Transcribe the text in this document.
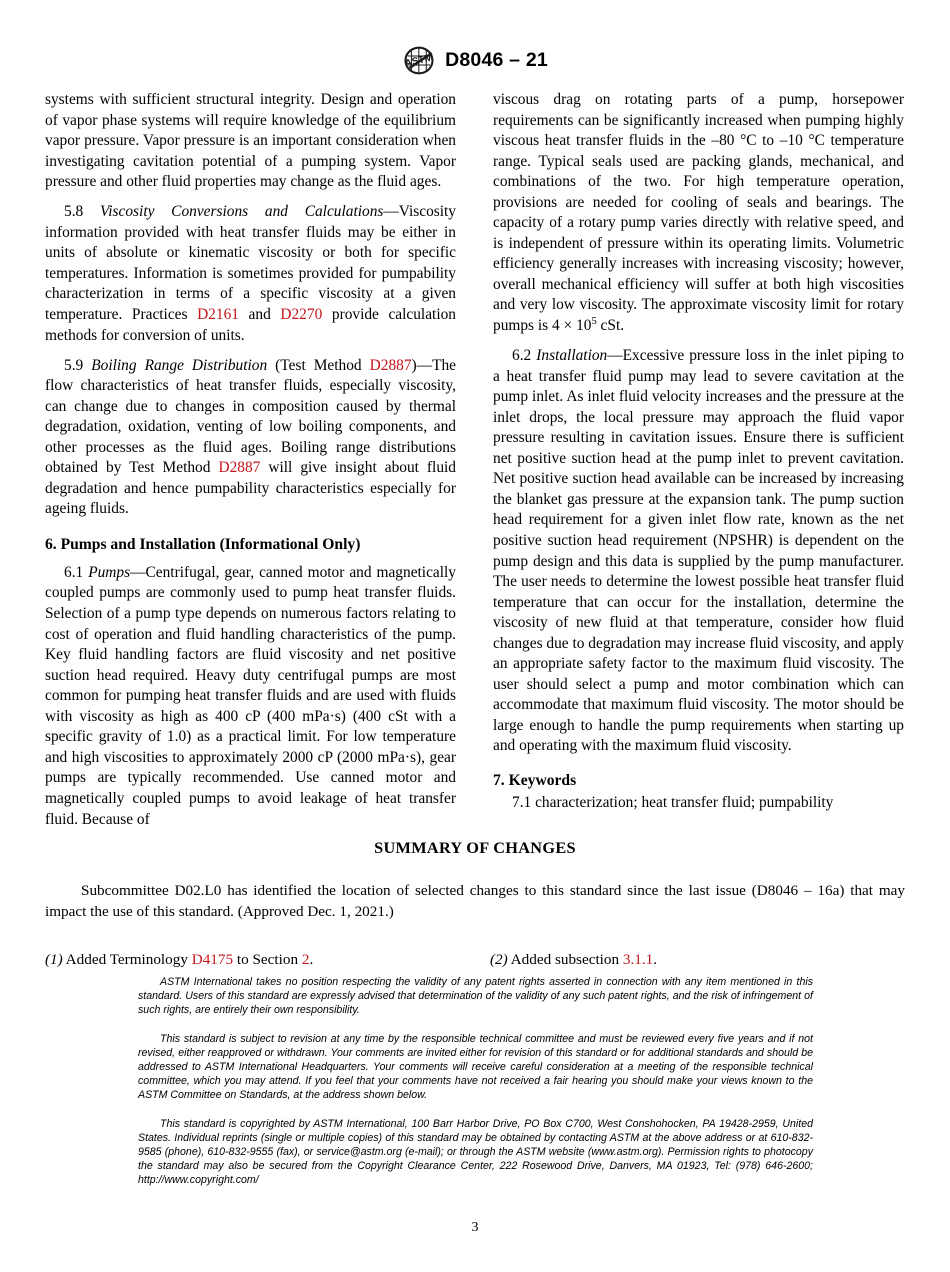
ASTM D8046 – 21

systems with sufficient structural integrity. Design and operation of vapor phase systems will require knowledge of the equilibrium vapor pressure. Vapor pressure is an important consideration when investigating cavitation potential of a pumping system. Vapor pressure and other fluid properties may change as the fluid ages.

5.8 Viscosity Conversions and Calculations—Viscosity information provided with heat transfer fluids may be either in units of absolute or kinematic viscosity or both for specific temperatures. Information is sometimes provided for pumpability characterization in terms of a specific viscosity at a given temperature. Practices D2161 and D2270 provide calculation methods for conversion of units.

5.9 Boiling Range Distribution (Test Method D2887)—The flow characteristics of heat transfer fluids, especially viscosity, can change due to changes in composition caused by thermal degradation, oxidation, venting of low boiling components, and other processes as the fluid ages. Boiling range distributions obtained by Test Method D2887 will give insight about fluid degradation and hence pumpability characteristics especially for ageing fluids.

6. Pumps and Installation (Informational Only)

6.1 Pumps—Centrifugal, gear, canned motor and magnetically coupled pumps are commonly used to pump heat transfer fluids. Selection of a pump type depends on numerous factors relating to cost of operation and fluid handling characteristics of the pump. Key fluid handling factors are fluid viscosity and net positive suction head required. Heavy duty centrifugal pumps are most common for pumping heat transfer fluids and are used with fluids with viscosity as high as 400 cP (400 mPa·s) (400 cSt with a specific gravity of 1.0) as a practical limit. For low temperature and high viscosities to approximately 2000 cP (2000 mPa·s), gear pumps are typically recommended. Use canned motor and magnetically coupled pumps to avoid leakage of heat transfer fluid. Because of

viscous drag on rotating parts of a pump, horsepower requirements can be significantly increased when pumping highly viscous heat transfer fluids in the –80 °C to –10 °C temperature range. Typical seals used are packing glands, mechanical, and combinations of the two. For high temperature operation, provisions are needed for cooling of seals and bearings. The capacity of a rotary pump varies directly with relative speed, and is independent of pressure within its operating limits. Volumetric efficiency generally increases with increasing viscosity; however, overall mechanical efficiency will suffer at both high viscosities and very low viscosity. The approximate viscosity limit for rotary pumps is $4 \times 10^5$ cSt.

6.2 Installation—Excessive pressure loss in the inlet piping to a heat transfer fluid pump may lead to severe cavitation at the pump inlet. As inlet fluid velocity increases and the pressure at the inlet drops, the local pressure may approach the fluid vapor pressure resulting in cavitation issues. Ensure there is sufficient net positive suction head at the pump inlet to prevent cavitation. Net positive suction head available can be increased by increasing the blanket gas pressure at the expansion tank. The pump suction head requirement for a given inlet flow rate, known as the net positive suction head requirement (NPSHR) is dependent on the pump design and this data is supplied by the pump manufacturer. The user needs to determine the lowest possible heat transfer fluid temperature that can occur for the installation, determine the viscosity of new fluid at that temperature, consider how fluid changes due to degradation may increase fluid viscosity, and apply an appropriate safety factor to the maximum fluid viscosity. The user should select a pump and motor combination which can accommodate that maximum fluid viscosity. The motor should be large enough to handle the pump requirements when starting up and operating with the maximum fluid viscosity.

7. Keywords

7.1 characterization; heat transfer fluid; pumpability

SUMMARY OF CHANGES

Subcommittee D02.L0 has identified the location of selected changes to this standard since the last issue (D8046 – 16a) that may impact the use of this standard. (Approved Dec. 1, 2021.)

(1) Added Terminology D4175 to Section 2.	(2) Added subsection 3.1.1.

ASTM International takes no position respecting the validity of any patent rights asserted in connection with any item mentioned in this standard. Users of this standard are expressly advised that determination of the validity of any such patent rights, and the risk of infringement of such rights, are entirely their own responsibility.

This standard is subject to revision at any time by the responsible technical committee and must be reviewed every five years and if not revised, either reapproved or withdrawn. Your comments are invited either for revision of this standard or for additional standards and should be addressed to ASTM International Headquarters. Your comments will receive careful consideration at a meeting of the responsible technical committee, which you may attend. If you feel that your comments have not received a fair hearing you should make your views known to the ASTM Committee on Standards, at the address shown below.

This standard is copyrighted by ASTM International, 100 Barr Harbor Drive, PO Box C700, West Conshohocken, PA 19428-2959, United States. Individual reprints (single or multiple copies) of this standard may be obtained by contacting ASTM at the above address or at 610-832-9585 (phone), 610-832-9555 (fax), or service@astm.org (e-mail); or through the ASTM website (www.astm.org). Permission rights to photocopy the standard may also be secured from the Copyright Clearance Center, 222 Rosewood Drive, Danvers, MA 01923, Tel: (978) 646-2600; http://www.copyright.com/

3
